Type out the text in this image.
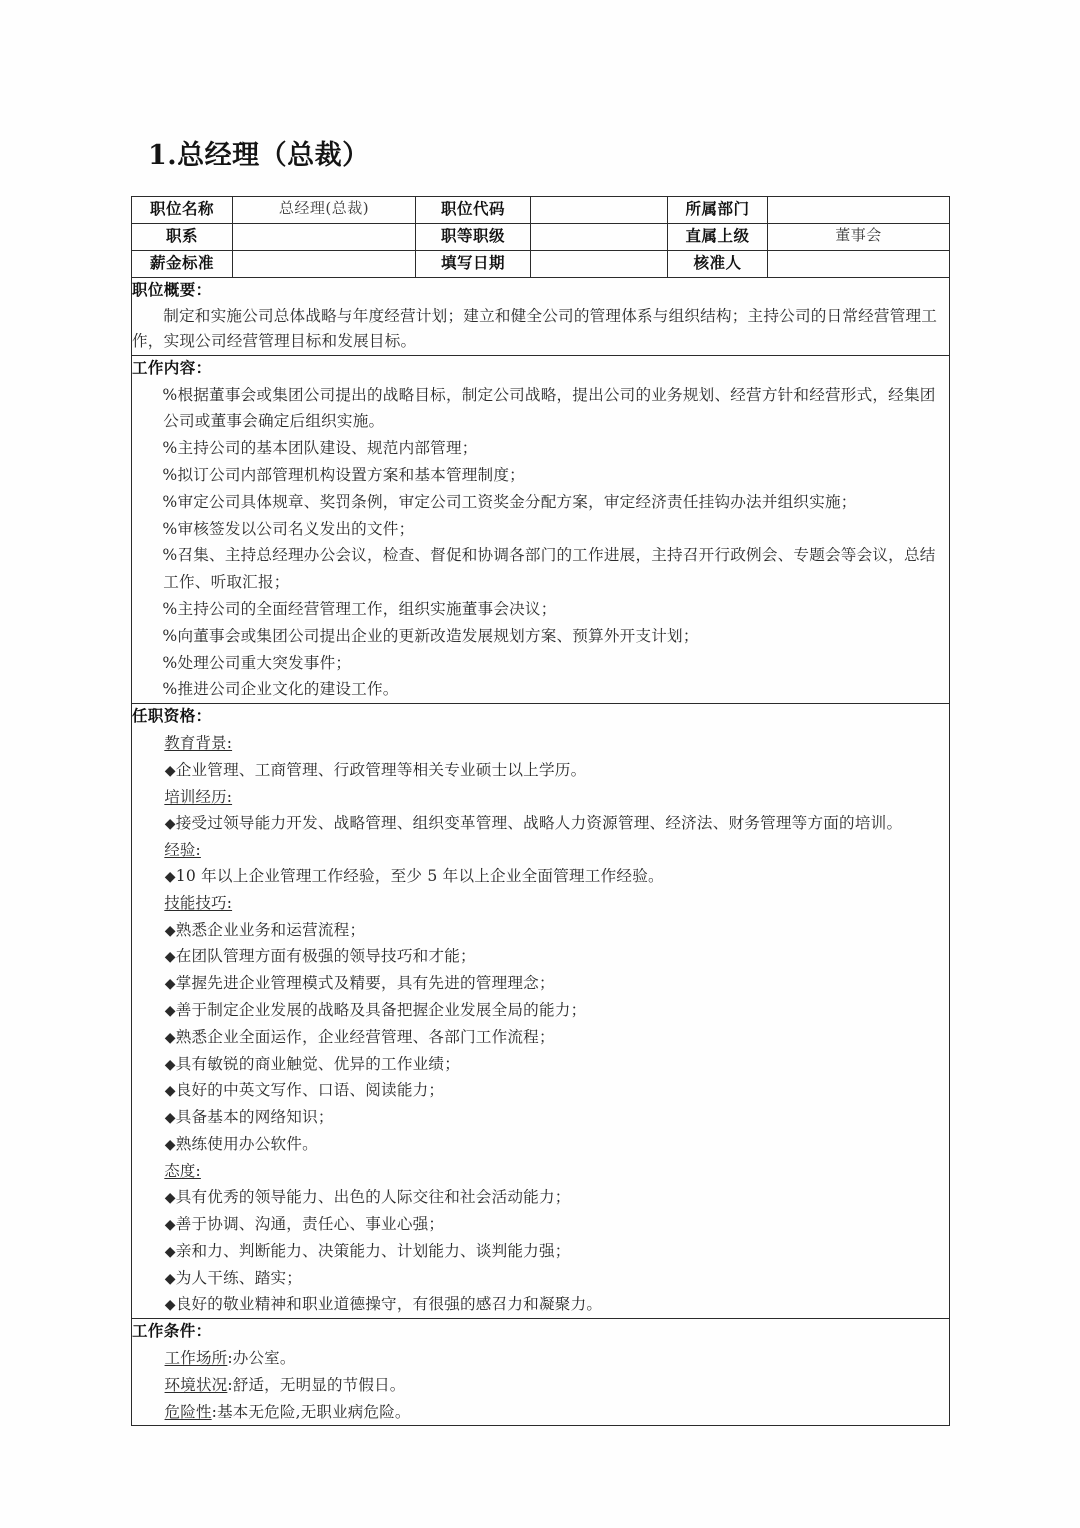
1.总经理（总裁）
职位名称	总经理(总裁)	职位代码		所属部门	
职系		职等职级		直属上级	董事会
薪金标准		填写日期		核准人	

职位概要：

制定和实施公司总体战略与年度经营计划；建立和健全公司的管理体系与组织结构；主持公司的日常经营管理工作，实现公司经营管理目标和发展目标。					

工作内容：

%根据董事会或集团公司提出的战略目标，制定公司战略，提出公司的业务规划、经营方针和经营形式，经集团公司或董事会确定后组织实施。

%主持公司的基本团队建设、规范内部管理；

%拟订公司内部管理机构设置方案和基本管理制度；

%审定公司具体规章、奖罚条例，审定公司工资奖金分配方案，审定经济责任挂钩办法并组织实施；

%审核签发以公司名义发出的文件；

%召集、主持总经理办公会议，检查、督促和协调各部门的工作进展，主持召开行政例会、专题会等会议，总结工作、听取汇报；

%主持公司的全面经营管理工作，组织实施董事会决议；

%向董事会或集团公司提出企业的更新改造发展规划方案、预算外开支计划；

%处理公司重大突发事件；

%推进公司企业文化的建设工作。

任职资格：

教育背景:

◆企业管理、工商管理、行政管理等相关专业硕士以上学历。

培训经历:

◆接受过领导能力开发、战略管理、组织变革管理、战略人力资源管理、经济法、财务管理等方面的培训。

经验:

◆10 年以上企业管理工作经验，至少 5 年以上企业全面管理工作经验。

技能技巧:

◆熟悉企业业务和运营流程；

◆在团队管理方面有极强的领导技巧和才能；

◆掌握先进企业管理模式及精要，具有先进的管理理念；

◆善于制定企业发展的战略及具备把握企业发展全局的能力；

◆熟悉企业全面运作，企业经营管理、各部门工作流程；

◆具有敏锐的商业触觉、优异的工作业绩；

◆良好的中英文写作、口语、阅读能力；

◆具备基本的网络知识；

◆熟练使用办公软件。

态度:

◆具有优秀的领导能力、出色的人际交往和社会活动能力；

◆善于协调、沟通，责任心、事业心强；

◆亲和力、判断能力、决策能力、计划能力、谈判能力强；

◆为人干练、踏实；

◆良好的敬业精神和职业道德操守，有很强的感召力和凝聚力。

工作条件：

工作场所:办公室。

环境状况:舒适，无明显的节假日。

危险性:基本无危险,无职业病危险。					
